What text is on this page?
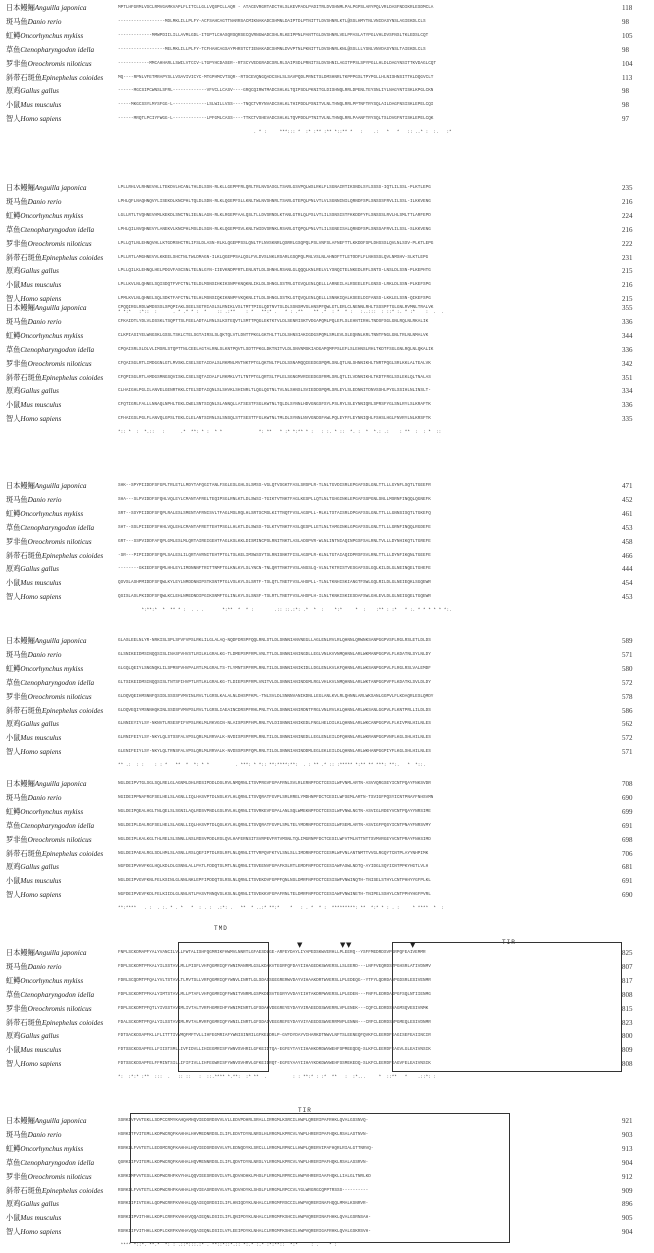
日本鳗鲡Anguilla japonica	MPTLHFGRMLVSCLRMVGAMKVAPLFLITCLLGLLVQSPCLLAQR - ATACEVRGRTADCTHLSLKEVPADLPADITRLDVSHNMLPALPGPSLARYPQLVRLDASFNDIKRLESDMCLA	118
斑马鱼Danio rerio	------------------MDLMKLILLPLFY-ACFSAHCAGTTNARRSACMIKNAKADCSHMNLDAIPTDLPTNITTLDVSHNRLKTL@SSLHMYTNLVNIDASYNSLAGIEKDLCLS	98
虹鳟Oncorhynchus mykiss	-------------MMWPDIILILLAVMLGDL-ITGPTLCHASQRSQRSECQVRNGWADCSHLRLKEIPPNLPANTTGLDVSHNRLVELPPASLATYPGLVHLDVSFNSLTKLEDSLCQT	105
草鱼Ctenopharyngodon idella	------------------MELMKLILLPLFY-TCFHAHCAGSAYPHRSTCTIENAKADCSHMNLDVVPTNLPKNITTLDVSHNRLKNL@SSLLLYSNLVNVDASYNSLTAIEKDLCLS	98
罗非鱼Oreochromis niloticus	------------MMCAHHARLLSWILVTCCV-LTGPYHCDASER--RTSCYVEDGRADCSRLRLSAIPSDLPRNITSLDVSHNILAGITPPSLSPYPGLLHLDLDAGYNSITTKVDAGLCQT	104
斜带石斑鱼Epinephelus coioides	MQ----RPNLVFETMRAPYSLLVSAVIVICYC-MTGPHMCVTSQR--RTSCEVQNGQADCSHLSLSAVPQDLPRNITSLDMSHNRLTKPPPGSLTPYPGLLHLNISHNSITTKLDQGVCLT	113
原鸡Gallus gallus	------MGCSIPCWNSLSFRL-------------VFVCLLCASV----GRQCQIRWTMADCSHLKLTQIPSDLPKNITGLDISHNQLRRLDPENLTEYSNLIYLNAGYNTISKLKPGLCKN	98
小鼠Mus musculus	-----MKGCSSYLMYSFGG-L-------------LSLWILLVSS----TNQCTVRYNVADCSHLKLTHIPDDLPSNITVLNLTHNQLRRLPPTNFTRYSQLAILDAGFNSISKLEPELCQI	98
智人Homo sapiens	------MRQTLPCIYFWGG-L-------------LPFGMLCASS----TTKCTVSHEVADCSHLKLTQVPDDLPTNITVLNLTHNQLRRLPAANFTRYSQLTSLDVGFNTISKLEPELCQK	97
. * :     ***::: *  :* :** :** *::** *   :    .:   *   *   :: ..* :  :.   :*
日本鳗鲡Anguilla japonica	LPLLRHLVLRHNEVHLLTEKDVLHCANLTHLDLSSN-RLKLLGEPPFRLQRLTRLNVSASGLTSARLGSVPQLWSLRKLFLSGNAIRTIKSNDLSYLSSSS-IQTLILSSL-PLKTLEPG	235
斑马鱼Danio rerio	LPHLQFLNAQHNQVYLISEKDLKNCPHLTQLDLSDN-RLKLQGEPFSLLKNLTWLNVSHNRLTSARLGTEPQLPNLVTLVLSGNNINILQRNDFSPLSNSSSFRVLILSSL-ILKKVENG	216
虹鳟Oncorhynchus mykiss	LGLLRTLTVQHNEVHMLKEKDLSNCTNLIELNLAGN-RLKLRGEPFAALQSLTLLDVSRNDLKTANLGTRLQLPSLVTLILSSNSISTFKKDDFYFLSNSSSLRVLHLSMLTTLARFEPD	224
草鱼Ctenopharyngodon idella	LPHLQILNVQHNEVYLANEKVLKNCPHLMSLDLSGN-RLKLQGEPPSVLKNLTWIDVSRNKLRSARLGTQPQLPNLVTLILSGNEISALQRNDFSPLSNSSAFRVLILSSL-SLKKVENG	216
罗非鱼Oreochromis niloticus	LPLLQTLNLEHNQVHLLKTGDMSHCTRLIFSLDLASN-RLKLQGEPPSSLQNLTFLNVSKNRLQSRRLGSQPQLPSLVNFSLAFNEFTTLKKDDFSPLDHSSSLQVLNLSSV-PLKTLEPG	222
斜带石斑鱼Epinephelus coioides	LPLLRTLAMGHNEVVLKKEELSHCTNLTWLDMAGN-ILKLQGEPPSALQSLFVLDVSLNKLRSARLGSQPQLPNLVSLNLAHNDFTTLETODFLFLNHSSSLQVLNMSHV-SLKTLEPG	231
原鸡Gallus gallus	LPLLQILKLEHNQLHELPDGVFASCSNLTELNLGYN-IIEVKNDPFRTLENLNTLDLSHNHLRSANLGLQQQLKNLRELVLYSNQITELNKEDLRFLSNTS-LNSLDLSSN-PLKEPHTG	215
小鼠Mus musculus	LPLLKVLNLQHNELSQISDQTFVFCTNLTELDLMSNSIHKIKSNPFKNQKNLIKLDLSHNGLSSTRLGTGVQLENLQELLLARNEILALRSEELEFLGNSS-LRKLDLSSN-PLKEFSPG	216
智人Homo sapiens	LPMLKVLNLQHNELSQLSDKTFAFCTNLTELHLMSNSIQKIKNNPFVKQKNLITLDLSHNGLSSTKLGTQVQLENLQELLLSNNKIQALKSEELDIFANSS-LKKLELSSN-QIKEFSPG	215
* *:*   :*::  :      . * .* * :  *    :: .:**    : *   **:* .   * : .**    ** .*  : *  * :   :..:::  : ::* :. * :*    :  .  .
日本鳗鲡Anguilla japonica	CPQQIRGLRDLWMDSSSLSPQPIAKLSEELSGTRIASLSLRNIKLVSLTMTTPIGLQDTNVTSLDLSSNSMVSLHNSPFQWLGTLERLCLNENNLRHLTSSSPFTGLGNLRVMNLTRALVK	355
斑马鱼Danio rerio	CFKAIDTLYDLVLDSSKLTSQPTTSLFEELADTALRNLSLKSTEQVTLSMTTPQGLEKTKTVLDLSENRISKTVDGAPQMLPQLEFLSLEHNTIRHLTNDSFSGLGNLRQLNLRKALIK	336
虹鳟Oncorhynchus mykiss	CLKPIASIYELWNGSKLGSSLTSKLCTELSGTAIRSLSLQKTQLVTLDNTTPKGLGKTHLTTLDLSHNSIAKIGDGSPQMLSMLEVLSLEQNNLKRLTNNTFNGLGNLTRLNLNMALVK	344
草鱼Ctenopharyngodon idella	CPQAISRLSLDLVLIMSRLSTQPTTNLCEELAGTALRNLSLKNTPQVTLSDTTPKGLDKTNITVLDLSNVNMSKIADGAPQMFPSLEFLSLEHNSLRHLTKDTFSGLGNLRQLNLQKALIK	336
罗非鱼Oreochromis niloticus	CFQAISGLRTLIMDGGNLGTLMVSKLCSELSGTAIDALSLRKMNLMVTNKTPTGLQKTNLTPLDLSSNAMQQIEEDGSPQMLSNLQTLNLSHNNIKHLTNRTPQGLSRLKKLALTEALVK	342
斜带石斑鱼Epinephelus coioides	CFQPISGLRTLAMDGSMNGSQVISKLCSELSQTAIDALFLRKMKLVTLTNTPTGLQRTSLTPLELSGNGMVRIEEDGSFRMLSRLQTLILVDNNIKHLTKDTFRGLSSLEKLQLTNALAS	351
原鸡Gallus gallus	CLHAIGHLPGLILANVELGENRTKKLCTELSDTAIQNLSLSHVKLSHINRLTLQGLQGTNLTVLNLSHNSLSVIEDDSPQMLSRLEYLSLEDNNITDNVSSHLPYGLSSIHLNLINSLT-	334
小鼠Mus musculus	CFQTIGRLFALLLNNAQLNPHLTEKLCWELSNTSIQNLSLANNQLLATSESTFSGLKWTNLTQLDLSYNNLHDVGNGSFSYLPSLRYLSLEYNNIQRLSPRSFYGLSNLRYLSLKRAFTK	336
智人Homo sapiens	CFHAIGSLPGLFLANVQLGPSLTEKLCLELANTSIRNLSLSNSQLSTTSESTTFGLKWTNLTMLDLSYNNLNVVGNDSFAWLPQLEYFFLEYNNIQHLFSHSLHGLFNVRYLNLKRSFTK	335
*:: *  :  *.::   :      .*  **: * :  * *              *: **   * :* *:** * :   : :. * ::  *. :  *  *.: .:    : **  :  : *  ::
日本鳗鲡Anguilla japonica	SHK--SPYPIIDDFSFGPLTRLETLLMDYTAFQGITANLFSGLESLGHLSLSMSS-VGLQTVSGKTFASLSRSPLR-TLNLTGVDISRLEPGAFSDLGNLTTLLLGYNFLSQTLTGEEFR	471
斑马鱼Danio rerio	SHA---SLPVIDDFSFQHLVQLEYLCMANTAFRELTEQIPSGLRNLKTLDLSWSI-TGIKTVTNKTFAGLKESPLLQTLNLTGHGINKLEPGAFSSPGNLSNLLMSRNFINQQLQGNEFK	452
虹鳟Oncorhynchus mykiss	SRT--SSYPIIDDFSFQPLRALESLSMENTAFRNISVLTFAGLMSLRQLHLSRTSCMSLKITTNQTFVSLAGSPLL-MLKLTSTAISRLDPGAFSSLGNLTTLLLGNNSISQTLTGKEFQ	461
草鱼Ctenopharyngodon idella	SHT--SSLPIIEDFSFHHLVQLEHLCMANTAFRETTEHTPSGLLHLKTLDLSWSS-TGLKTVTNKTFASLQESPLLETLNLTAMGINKLGPGAFSSLGNLTTLLLGRNFINQQLRGDEFE	453
罗非鱼Oreochromis niloticus	GRT---SSPVIDDFAFQPLGMLESLMLQRTAIREIGEHTFAGLKSLKKLDISMINCPSLRNITNKTLASLADSPVR-WLNLINTNIAQINPGSFSALRNLTVLLLDYNHIKQTLTGREFE	458
斜带石斑鱼Epinephelus coioides	-SR---PIPIIDDFSFQPLSALESLILQRTAVRNITEHTPTGLTSLKELIMSWSSYTSLRNISNKTFISLAGSPLR-KLNLTGTAIAQIDPRSFSVLRNLTTLLLDYNFIKQNLTGEEFE	466
原鸡Gallus gallus	--------GKIEDFSFQMLHHLEYLIMDNNNFTRITTNMFTGLKNLKYLSLYNCN-TNLQRTTNKTFVSLANSSLQ-VLNLTKTRISTVESGAFSSLGQLKILDLGLNEINQELTGHEFE	444
小鼠Mus musculus	QSVSLASHPMIDDFSFQWLKYLEYLNMDDNNIPSTKSNTPTGLVSLKYLSLSRTF-TSLQTLTNETFVSLAHSPLL-TLNLTKNHISKIANGTFSWLGQLRILDLGLNEIEQKLSGQEWR	454
智人Homo sapiens	QSISLASLPKIDDFSFQWLKCLEHLNMEDNDIPGIKSNMFTGLINLKYLSLSNSF-TSLRTLTNETFVSLAHSPLH-ILNLTKNKISKIESDAFSWLGHLEVLDLGLNEIGQELTGQEWR	453
*:**:*  *  ** * :  . . .       *:**  *  * :        .:: ::.:*: .*  *  :    *:*     *  :    :** : :*   * :. * * * * * *:.
日本鳗鲡Anguilla japonica	GLASLEELNLYR-NRKISLSPLSFVFVPSLRKLILGLALAQ-NQDFDRSPFQQLRNLSTLDLSNNNIANVNEGLLAGLENLRVLRLQHNNLQRWNKSANPGGPVSFLRGLRSLETLDLDS	589
斑马鱼Danio rerio	GLSNIKEIDMSINQQSISLINASFVHVSTLRILKLGRALKG-TLDMEPSPFRPLVNLTTLDLSNNNIANINGDLLEGLVNLKVVNMQHNNLARLWKMANPGGPVLFLKDATNLSYLNLDY	571
虹鳟Oncorhynchus mykiss	GLGQLQEIYLSNGNQKLILSPMSFVHVPALRTLMLGRALTS-TLYMNTSPFRPLRNLTILDLSNNNIANIKIDLLDGLENLKVLKFQHNNLARLWKSANPGGPVLFLRGLRSLVALEMDF	580
草鱼Ctenopharyngodon idella	GLTSIKEIDMSINQQSISLTNTSFIHVPTLRTLKLGRALKG-TLDIEPSPFRPLVNITVLDLSNNNIANINDGMLRGLVHLKVLNMQHNNLARLWKTANPGGPVFFLKDATKLSVLDLDY	572
罗非鱼Oreochromis niloticus	GLDQVQEIHMSNNFQSIDLSSSSFVMVINLRVLTLGRSLKALALNLDHSPFKPL-TNLSVLDLSNNNVANIKDNLLEGLANLKVLRLQHNNLARLWKSANLGGPVLFLKDAQRLESLQMDY	578
斜带石斑鱼Epinephelus coioides	GLDQVEQIYMSNNHQKINLSSDSFVMVPSLRVLTLGRSLIAEAINCDRSPFRHLPNLTYLDLSNNNIANIRDNTFRGLVNLRVLKLQHNNLARLWKSANLGGPVLFLKNTPRLLILDLDS	586
原鸡Gallus gallus	GLNNIEYIYLSY-NKNVTLRSESFIFVPSLRKLMLRKVGCN-NLAISPSPFHPLRNLTVLDISNNNIANIKEDLFNGLHELDILKLQHNNLARLWKCANPGGPVLFLKIVPNLHILNLES	562
小鼠Mus musculus	GLRNIFEIYLSY-NKYLQLSTSSFALVPSLQRLMLRRVALK-NVDISPSPFRPLRNLTILDLSNNNIANINEDLLEGLENLEILDFQHNNLARLWKRANPGGPVNFLKGLSHLHILNLES	572
智人Homo sapiens	GLENIFEIYLSY-NKYLQLTRNSFALVPSLQRLMLRRVALK-NVDSSPSPFQPLRNLTILDLSNNNIANINDDMLEGLEKLEILDLQHNNLARLWKHANPGGPIYFLKGLSHLHILNLES	571
** .:  : :    : : *   **  *  *: * *          . ***: * *:: **:****:**:  . : ** .* :: :***** *:** ** ***: **:.   *  *::.
日本鳗鲡Anguilla japonica	NGLDEIPVTGLSGLSQLRELGLAGNMLDHLRDSIPDDLDSLRVLNMQRNLITSVPRGVFGPAFRNLSVLRLERNPFDCTCESILWFVNMLARTN-ASVVQRGSEYICNTPQAYFNKSVDR	708
斑马鱼Danio rerio	NGIDEIPPNAFRGFSELHELSLAGNLLIQLHASVPTDLNSLKYLHLQRNLITSVQRATFGVPLSRLRRELYMDHNPFDCTCESILWFSEMLARTN-TSVIGFPQSYICNTPNAYFNHSVMN	690
虹鳟Oncorhynchus mykiss	NGLDEIPQEALHGLTNLQELSLSGNILAQLRDSVPNDLGSLRVLHLQRNLITSVRKEVFGPALANLSQLWMEKNPFDCTCESILWFVNWLNGTN-ASVIGLRDEYVCNTPQAYYNRSIME	699
草鱼Ctenopharyngodon idella	NGLDEIPLDALRGFSELHELSLAGNLLIQLHASVPTDLQSLKYLHLQRNLITSVQRATFGVPLSMLTELYMDRNPFDCTCESILWFSEMLARTN-ASVIGFPQSYICNTPNAYFNRSVMY	691
罗非鱼Oreochromis niloticus	NGLDEIPLKALKGLTHLRELSLSNNLLNSLRDSVPDDLRSLQVLHAFERNSITSVRPEVFRTVMSNLTQLIMGRNPFDCTCESILWFVTMLNTTNTTSVMVRGEYVCNTPRAYFNHSIMD	698
斜带石斑鱼Epinephelus coioides	NGLDEIPAEALRGLSDLHMLSLASNLLRSLQEFIPTDLRSLRFLNLQRNLITTVRPQVFKTVLSNLSLLIMDRNPFDCTCESMLWFVNLANTNMTTVVGLRGQYTCNTPLAYYNHPIMK	706
原鸡Gallus gallus	NGFDEIPVHVFKGLHQLKDLDLGSNNLALLPATLFDDQTSLMTLNLQRNLITSVEENVFGPAFKSLRTLEMDFNPFDCTCESIAWFASWLNDTQ-AYIDGLSQYICNTPPKYHGTLVLH	681
小鼠Mus musculus	NGLDEIPVGVFKNLFELKSINLGLNNLNKLEPFIPDDQTSLRSLNLQRNLITSVEKDVFGPPFQNLNSLDMRFNPFDCTCESISWFVNWINQTH-TNISELSTHYLCNTPHHYYGFPLKL	691
智人Homo sapiens	NGFDEIPVEVFKDLFELKIIDLGLNNLNTLPASVFNNQVSLKSLNLQRNLITSVEKKVFGPAFRNLTELDMRFNPFDCTCESIAWFVNWINETH-TNIPELSSHYLCNTPPHYHGFPVRL	690
**:****   . :  . :. * . *   *  : . :  .:*: .   **  * ..:* **:*    *   : . *  * :  *********: **  *:* * : . :     * ****  *  :
日本鳗鲡Anguilla japonica	FNPLSCKDMAPFYALYVANCILVLLFWTALISHFQGMRIKFHWMVLNNRTLGFAESDLGE-ARFEYDAYLIYAPEDSKWVERHLLPLEERQ--YSFFMEDRDSVPGRPQFEAIVEMMR	825
斑马鱼Danio rerio	FDPLSCKDMTPFKALYILSSTAVLMLLPISFLVHFQGMRIQFYWNIMANRMLGSLKDAKVTEGRFQFDAYIIHAGEDKSWVERSLLSLEERD---LNFFVEQRDSTPGHSRLATIVDNMV	807
虹鳟Oncorhynchus mykiss	FDRLSCQDMTPFQALYVLTSTAVLTLMVTSLLVRFQGMRIQFYWNVLINRTLGLSDASSGEGRERWVDAYVIHAAKDRTWVERSLLPLEDEQG--YTFYLQDRDAVPGDSRLESIVENMR	817
草鱼Ctenopharyngodon idella	FDPLSCKDMTPFKALYIMTSTAVLMLLPTAFLVHFQGMRIQFFWNITVNRMLGSPKDESVTEGRYVVDAYIIHTAKDRPWVERSLLPLEDEN---FNFFLEDRDAIPGFSQLNTIIENMG	808
罗非鱼Oreochromis niloticus	FDPLSCKDMTPFQTLYIVSSTAVIMLIVTALTVRFHGMRIHFYWNIMINRTLGFSDAKVDEGREYEYDAYVIRAEEDSSWVERRLVPLENEK---CQFCLEDRDSVAGMSQVESIVNMK	815
斜带石斑鱼Epinephelus coioides	FDALSCKDMTPFQALYILSSTAVIMLMVTALMVRFQGMRIQFYWNILINRTLGFSDAIVEEGREFEYDAYVIYAEEDSSWVERRMVPLENNN---CRFCLEDRDSVPGMEQLESIVDNMR	823
原鸡Gallus gallus	FDTSACKDSAPFKLLFLITTTIVVMQFMFTVLLIHFEGMRIAFYWNISINRILGFKELDRLP-GVFDYDAYVIHARKDTNWVLNFTSLEENEQFQVKFCLEERDFEAGISEFEAIINCIR	800
小鼠Mus musculus	FDTSSCKDSAPFELLFIISTSMLLIVFIDVLLIHIEGMRISFYWNVSVHRILGFKEIDTQA-EGFEYTAYIIHAHKDRDWVWEHFSPMEEQDQ-SLKFCLEERDFEAGVLGLEAIVNSIK	809
智人Homo sapiens	FDTSSCKDSAPFELFFMINTSILLIFIFIVLLIHFEGWRISFYWNVSVHRVLGFKEIDRQT-EGFEYAAYIIHAYKDKDWVWEHFSSMEKEDQ-SLKFCLEERDFEAGVFELEAIVNSIK	808
*:  :*:* :**  :::  .   :: ::   :  ::.**** *.**:  :* **  .          : : **:* : :*  **   :  :*...     *  ::**   *    .::*: :
日本鳗鲡Anguilla japonica	SSRKIVFVVTEKLLSDPCCRMYKAHQAMHQVIEDSRDSVVLVLLEDVPDHRLSRALLIRRGMLKSRCILHWPLQRERIPAFRHKLQVALGSSNVQ-	921
斑马鱼Danio rerio	HSRKITFVITEMLLKDPWCRQFKAHHALHHVMEDNRDSLILIFLEDVTDYNLNRSLHLRRGMLKPRCVLYWPLHRERIPAFHQKLRSALASTNVN-	903
虹鳟Oncorhynchus mykiss	RSRKILFVVTETLLEDSMCRQFKAHHALHQVIEDSRDSVVLVFLEDNQDYKLSRCLLLRRGMLRPNCLLHWPLQRERVIPAFHQRLRIALGTTNRVQ-	913
草鱼Ctenopharyngodon idella	QSRKIIFVITEMLLKDPWCRQFKAHHALHQVMENNRDSLILIFLQDVTDYNLNRSLYLRRGMLKPRCVLYWPLHRERIPAFHQKLRSALASSRVN-	904
罗非鱼Oreochromis niloticus	KSRKIMFVVTESLLKDPWCRHFKVYHALQQVIEESRDSVILVFLQDVHDHKLPHSLFLRRGMLRPRCILHWPVHRERIAAFHQKLLIALGLTNRLKD	912
斜带石斑鱼Epinephelus coioides	RSRKILFVVTETLLKDPWCRHFKAHHALHQVIEASRDSVVLVFLQDVHDYKLSHSLFLRRGMLRPCCVLYGLWRGRGCQPPTRSSS----------	909
原鸡Gallus gallus	RSRKIIFIVTEHLLQDPWCRRFKVHHALQQAIEQSRDSIILIFLHNIQDYKLNHALCLRRGMFRSCCILHWPVQRERINAFHQQLMMALKSNRVR-	896
小鼠Mus musculus	RSRKIIPVITHHLLKDPLCRRFKVHHAVQQAIEQNLDSIILIFLQNIPDYKLNHALCLRRGMFKSHCILHWPVQRERINAFHHKLQVALGSRNSAH-	905
智人Homo sapiens	RSRKIIFVITHHLLKDPLCKRFKVHHAVQQAIEQNLDSIILVFLEEIPDYKLNHALCLRRGMFKSHCILHWPVQRERIGAFRHKLQVALGSKRSVH-	904
**** *::*. **.*  *: : .::*:::.:* . **::*::*.:: *:.* :.* :*:**::  *:*     : .    * :
TMD
TIR
TIR
▼	▼ ▼	▼
